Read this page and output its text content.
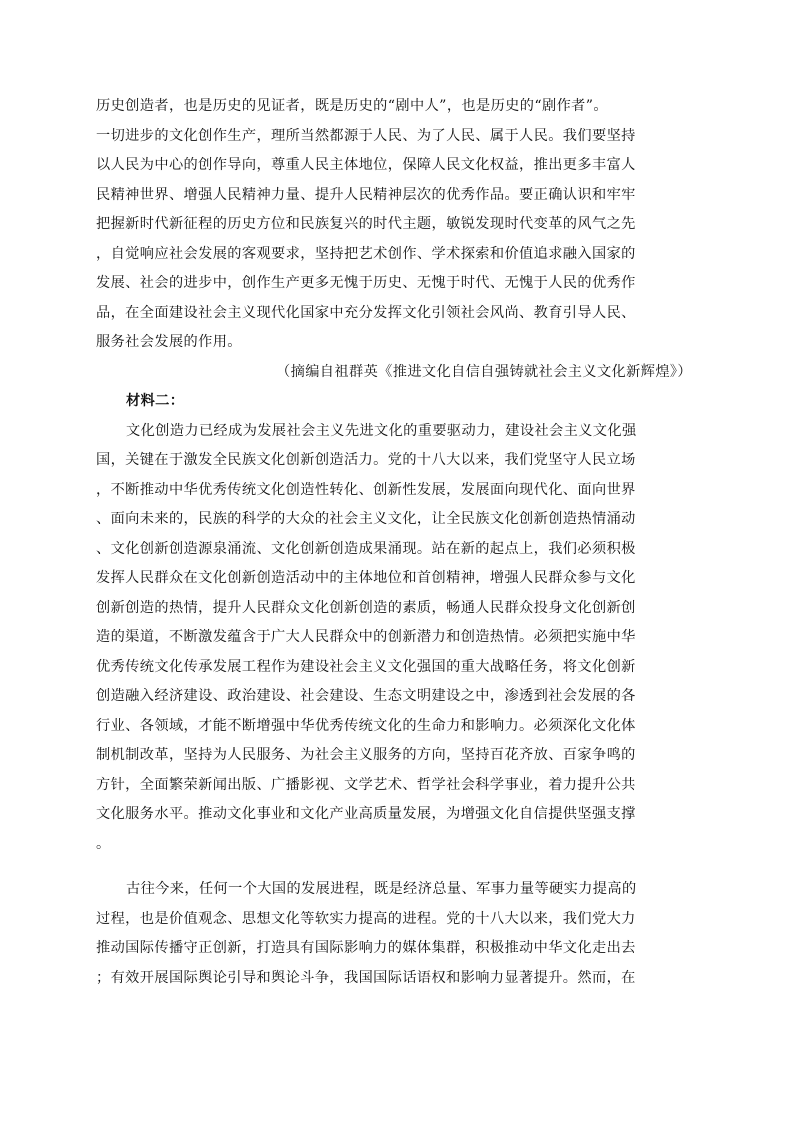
历史创造者，也是历史的见证者，既是历史的“剧中人”，也是历史的“剧作者”。
一切进步的文化创作生产，理所当然都源于人民、为了人民、属于人民。我们要坚持
以人民为中心的创作导向，尊重人民主体地位，保障人民文化权益，推出更多丰富人
民精神世界、增强人民精神力量、提升人民精神层次的优秀作品。要正确认识和牢牢
把握新时代新征程的历史方位和民族复兴的时代主题，敏锐发现时代变革的风气之先
，自觉响应社会发展的客观要求，坚持把艺术创作、学术探索和价值追求融入国家的
发展、社会的进步中，创作生产更多无愧于历史、无愧于时代、无愧于人民的优秀作
品，在全面建设社会主义现代化国家中充分发挥文化引领社会风尚、教育引导人民、
服务社会发展的作用。
（摘编自祖群英《推进文化自信自强铸就社会主义文化新辉煌》）
材料二：
文化创造力已经成为发展社会主义先进文化的重要驱动力，建设社会主义文化强
国，关键在于激发全民族文化创新创造活力。党的十八大以来，我们党坚守人民立场
，不断推动中华优秀传统文化创造性转化、创新性发展，发展面向现代化、面向世界
、面向未来的，民族的科学的大众的社会主义文化，让全民族文化创新创造热情涌动
、文化创新创造源泉涌流、文化创新创造成果涌现。站在新的起点上，我们必须积极
发挥人民群众在文化创新创造活动中的主体地位和首创精神，增强人民群众参与文化
创新创造的热情，提升人民群众文化创新创造的素质，畅通人民群众投身文化创新创
造的渠道，不断激发蕴含于广大人民群众中的创新潜力和创造热情。必须把实施中华
优秀传统文化传承发展工程作为建设社会主义文化强国的重大战略任务，将文化创新
创造融入经济建设、政治建设、社会建设、生态文明建设之中，渗透到社会发展的各
行业、各领域，才能不断增强中华优秀传统文化的生命力和影响力。必须深化文化体
制机制改革，坚持为人民服务、为社会主义服务的方向，坚持百花齐放、百家争鸣的
方针，全面繁荣新闻出版、广播影视、文学艺术、哲学社会科学事业，着力提升公共
文化服务水平。推动文化事业和文化产业高质量发展，为增强文化自信提供坚强支撑
。
古往今来，任何一个大国的发展进程，既是经济总量、军事力量等硬实力提高的
过程，也是价值观念、思想文化等软实力提高的进程。党的十八大以来，我们党大力
推动国际传播守正创新，打造具有国际影响力的媒体集群，积极推动中华文化走出去
；有效开展国际舆论引导和舆论斗争，我国国际话语权和影响力显著提升。然而，在
